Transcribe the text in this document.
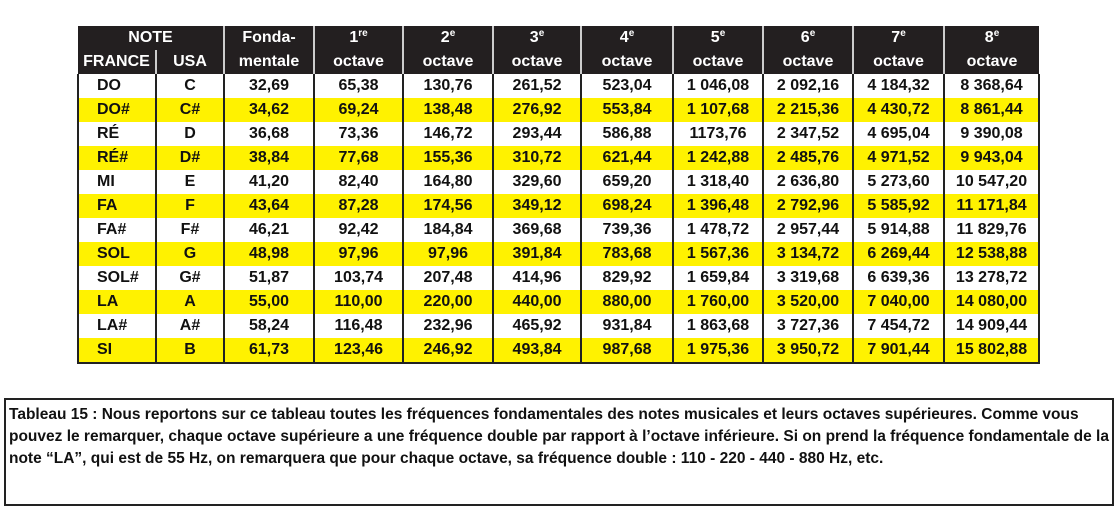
NOTE		Fonda-	1re	2e	3e	4e	5e	6e	7e	8e
FRANCE	USA	mentale	octave	octave	octave	octave	octave	octave	octave	octave
DO	C	32,69	65,38	130,76	261,52	523,04	1 046,08	2 092,16	4 184,32	8 368,64
DO#	C#	34,62	69,24	138,48	276,92	553,84	1 107,68	2 215,36	4 430,72	8 861,44
RÉ	D	36,68	73,36	146,72	293,44	586,88	1173,76	2 347,52	4 695,04	9 390,08
RÉ#	D#	38,84	77,68	155,36	310,72	621,44	1 242,88	2 485,76	4 971,52	9 943,04
MI	E	41,20	82,40	164,80	329,60	659,20	1 318,40	2 636,80	5 273,60	10 547,20
FA	F	43,64	87,28	174,56	349,12	698,24	1 396,48	2 792,96	5 585,92	11 171,84
FA#	F#	46,21	92,42	184,84	369,68	739,36	1 478,72	2 957,44	5 914,88	11 829,76
SOL	G	48,98	97,96	97,96	391,84	783,68	1 567,36	3 134,72	6 269,44	12 538,88
SOL#	G#	51,87	103,74	207,48	414,96	829,92	1 659,84	3 319,68	6 639,36	13 278,72
LA	A	55,00	110,00	220,00	440,00	880,00	1 760,00	3 520,00	7 040,00	14 080,00
LA#	A#	58,24	116,48	232,96	465,92	931,84	1 863,68	3 727,36	7 454,72	14 909,44
SI	B	61,73	123,46	246,92	493,84	987,68	1 975,36	3 950,72	7 901,44	15 802,88
Tableau 15 : Nous reportons sur ce tableau toutes les fréquences fondamentales des notes musicales et leurs octaves supérieures. Comme vous pouvez le remarquer, chaque octave supérieure a une fréquence double par rapport à l’octave inférieure. Si on prend la fréquence fondamentale de la note “LA”, qui est de 55 Hz, on remarquera que pour chaque octave, sa fréquence double : 110 - 220 - 440 - 880 Hz, etc.
